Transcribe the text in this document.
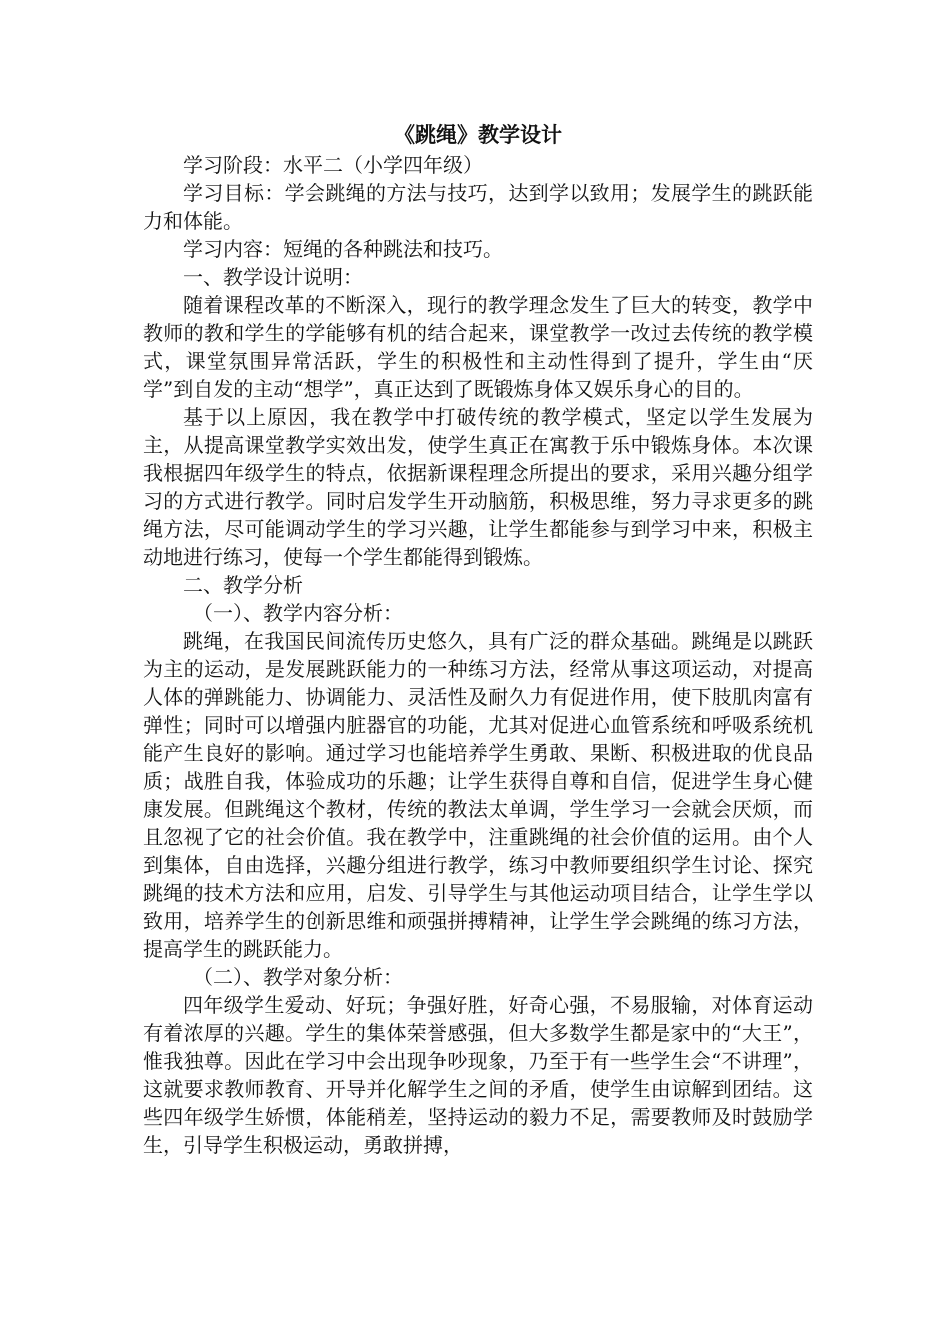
《跳绳》教学设计

学习阶段：水平二（小学四年级）

学习目标：学会跳绳的方法与技巧，达到学以致用；发展学生的跳跃能力和体能。

学习内容：短绳的各种跳法和技巧。

一、教学设计说明：

随着课程改革的不断深入，现行的教学理念发生了巨大的转变，教学中教师的教和学生的学能够有机的结合起来，课堂教学一改过去传统的教学模式，课堂氛围异常活跃，学生的积极性和主动性得到了提升，学生由“厌学”到自发的主动“想学”，真正达到了既锻炼身体又娱乐身心的目的。

基于以上原因，我在教学中打破传统的教学模式，坚定以学生发展为主，从提高课堂教学实效出发，使学生真正在寓教于乐中锻炼身体。本次课我根据四年级学生的特点，依据新课程理念所提出的要求，采用兴趣分组学习的方式进行教学。同时启发学生开动脑筋，积极思维，努力寻求更多的跳绳方法，尽可能调动学生的学习兴趣，让学生都能参与到学习中来，积极主动地进行练习，使每一个学生都能得到锻炼。

二、教学分析

（一）、教学内容分析：

跳绳，在我国民间流传历史悠久，具有广泛的群众基础。跳绳是以跳跃为主的运动，是发展跳跃能力的一种练习方法，经常从事这项运动，对提高人体的弹跳能力、协调能力、灵活性及耐久力有促进作用，使下肢肌肉富有弹性；同时可以增强内脏器官的功能，尤其对促进心血管系统和呼吸系统机能产生良好的影响。通过学习也能培养学生勇敢、果断、积极进取的优良品质；战胜自我，体验成功的乐趣；让学生获得自尊和自信，促进学生身心健康发展。但跳绳这个教材，传统的教法太单调，学生学习一会就会厌烦，而且忽视了它的社会价值。我在教学中，注重跳绳的社会价值的运用。由个人到集体，自由选择，兴趣分组进行教学，练习中教师要组织学生讨论、探究跳绳的技术方法和应用，启发、引导学生与其他运动项目结合，让学生学以致用，培养学生的创新思维和顽强拼搏精神，让学生学会跳绳的练习方法，提高学生的跳跃能力。

（二）、教学对象分析：

四年级学生爱动、好玩；争强好胜，好奇心强，不易服输，对体育运动有着浓厚的兴趣。学生的集体荣誉感强，但大多数学生都是家中的“大王”，惟我独尊。因此在学习中会出现争吵现象，乃至于有一些学生会“不讲理”，这就要求教师教育、开导并化解学生之间的矛盾，使学生由谅解到团结。这些四年级学生娇惯，体能稍差，坚持运动的毅力不足，需要教师及时鼓励学生，引导学生积极运动，勇敢拼搏，
